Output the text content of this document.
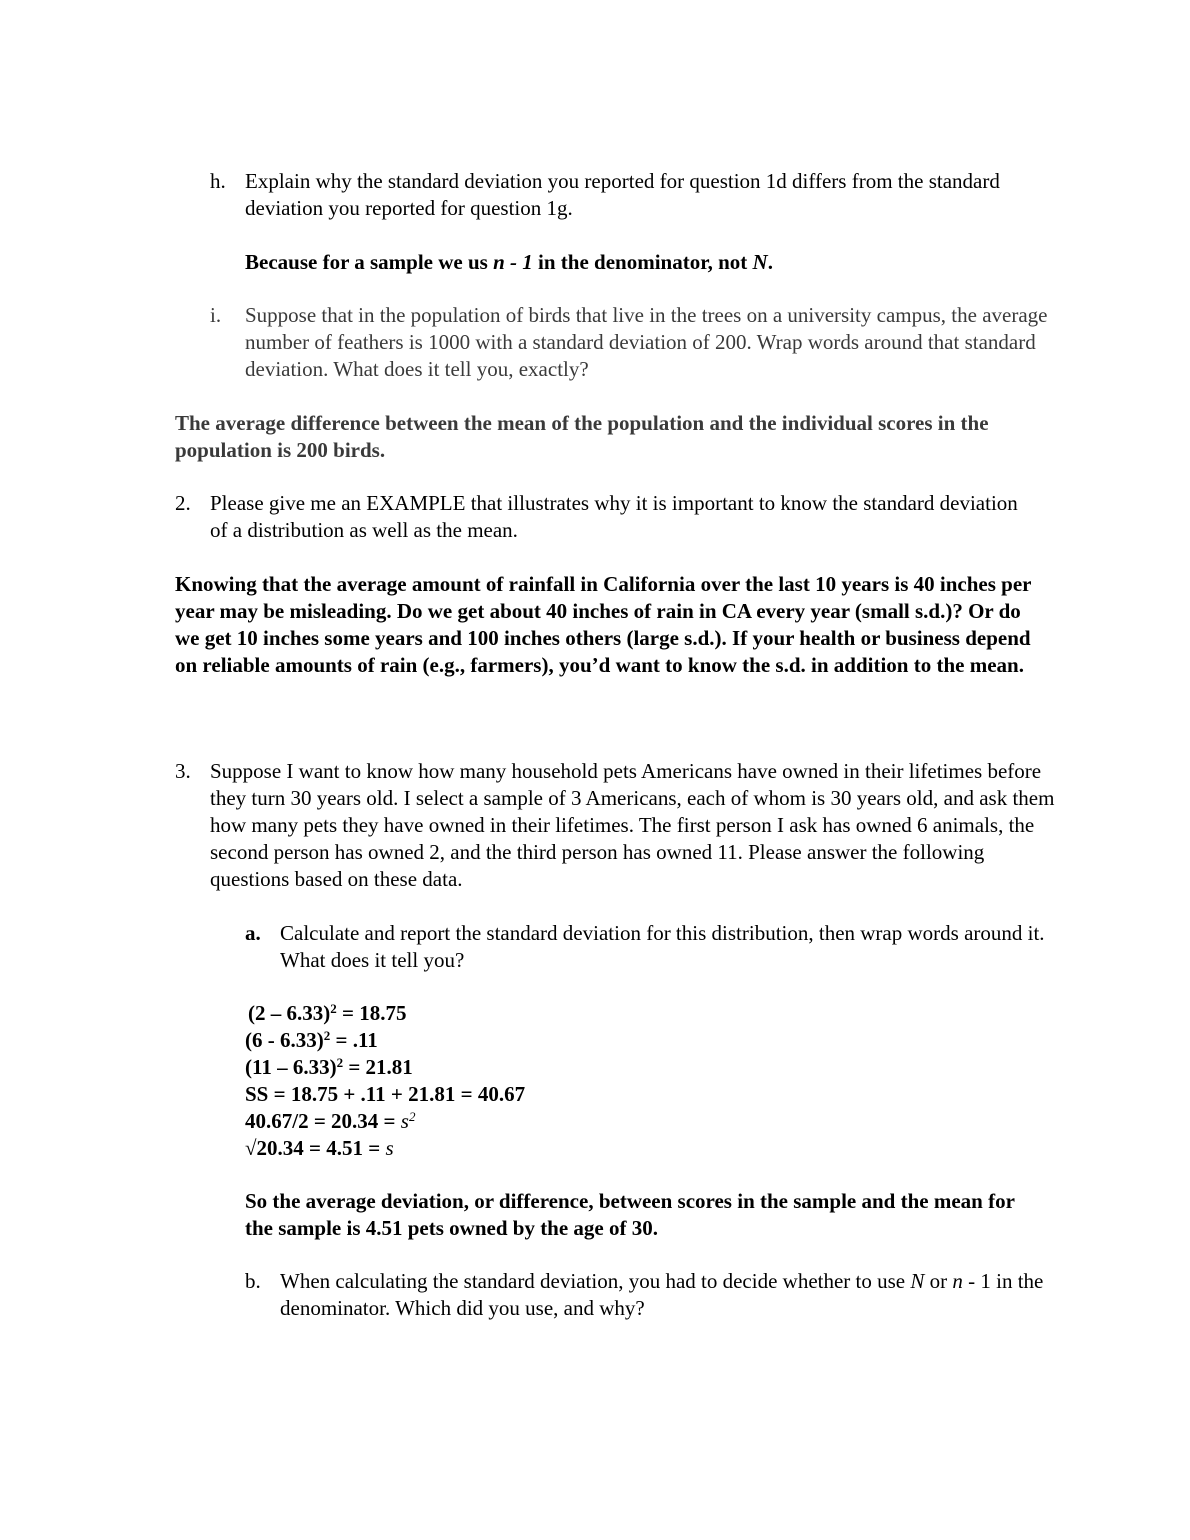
h. Explain why the standard deviation you reported for question 1d differs from the standard deviation you reported for question 1g.

Because for a sample we us n - 1 in the denominator, not N.

i.	Suppose that in the population of birds that live in the trees on a university campus, the average number of feathers is 1000 with a standard deviation of 200. Wrap words around that standard deviation. What does it tell you, exactly?

The average difference between the mean of the population and the individual scores in the population is 200 birds.

2. Please give me an EXAMPLE that illustrates why it is important to know the standard deviation of a distribution as well as the mean.

Knowing that the average amount of rainfall in California over the last 10 years is 40 inches per year may be misleading. Do we get about 40 inches of rain in CA every year (small s.d.)? Or do we get 10 inches some years and 100 inches others (large s.d.). If your health or business depend on reliable amounts of rain (e.g., farmers), you’d want to know the s.d. in addition to the mean.

3. Suppose I want to know how many household pets Americans have owned in their lifetimes before they turn 30 years old. I select a sample of 3 Americans, each of whom is 30 years old, and ask them how many pets they have owned in their lifetimes. The first person I ask has owned 6 animals, the second person has owned 2, and the third person has owned 11. Please answer the following questions based on these data.
a. Calculate and report the standard deviation for this distribution, then wrap words around it. What does it tell you?
(2 – 6.33)$^2$ = 18.75
(6 - 6.33)$^2$ = .11
(11 – 6.33)$^2$ = 21.81
SS = 18.75 + .11 + 21.81 = 40.67
$40.67/2 = 20.34 = s^2$
√20.34 = 4.51 = s

So the average deviation, or difference, between scores in the sample and the mean for the sample is 4.51 pets owned by the age of 30.

b. When calculating the standard deviation, you had to decide whether to use N or n - 1 in the denominator. Which did you use, and why?
